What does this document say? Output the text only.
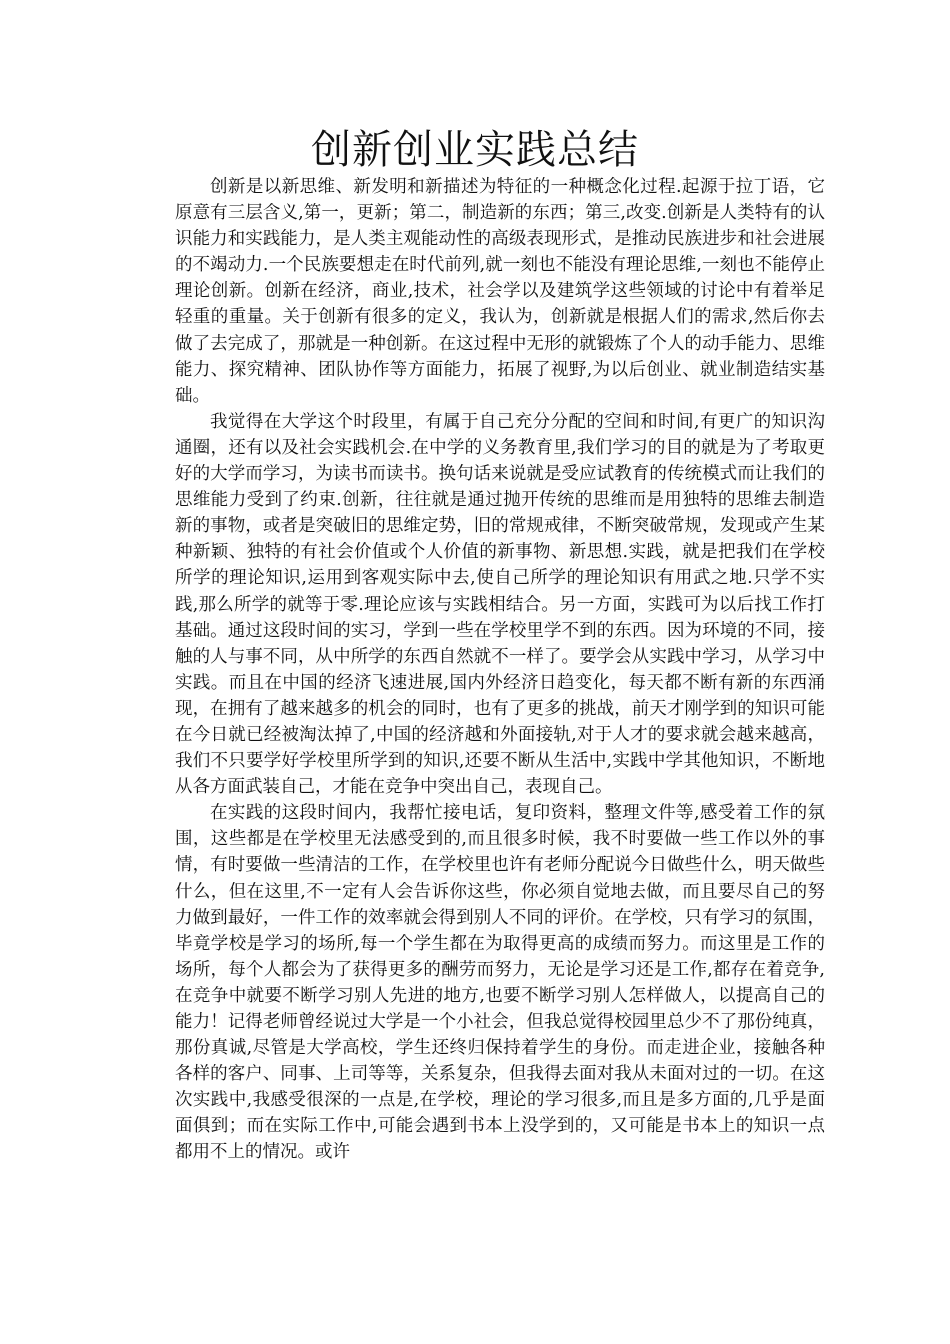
创新创业实践总结

创新是以新思维、新发明和新描述为特征的一种概念化过程.起源于拉丁语，它原意有三层含义,第一，更新；第二，制造新的东西；第三,改变.创新是人类特有的认识能力和实践能力，是人类主观能动性的高级表现形式，是推动民族进步和社会进展的不竭动力.一个民族要想走在时代前列,就一刻也不能没有理论思维,一刻也不能停止理论创新。创新在经济，商业,技术，社会学以及建筑学这些领域的讨论中有着举足轻重的重量。关于创新有很多的定义，我认为，创新就是根据人们的需求,然后你去做了去完成了，那就是一种创新。在这过程中无形的就锻炼了个人的动手能力、思维能力、探究精神、团队协作等方面能力，拓展了视野,为以后创业、就业制造结实基础。

我觉得在大学这个时段里，有属于自己充分分配的空间和时间,有更广的知识沟通圈，还有以及社会实践机会.在中学的义务教育里,我们学习的目的就是为了考取更好的大学而学习，为读书而读书。换句话来说就是受应试教育的传统模式而让我们的思维能力受到了约束.创新，往往就是通过抛开传统的思维而是用独特的思维去制造新的事物，或者是突破旧的思维定势，旧的常规戒律，不断突破常规，发现或产生某种新颖、独特的有社会价值或个人价值的新事物、新思想.实践，就是把我们在学校所学的理论知识,运用到客观实际中去,使自己所学的理论知识有用武之地.只学不实践,那么所学的就等于零.理论应该与实践相结合。另一方面，实践可为以后找工作打基础。通过这段时间的实习，学到一些在学校里学不到的东西。因为环境的不同，接触的人与事不同，从中所学的东西自然就不一样了。要学会从实践中学习，从学习中实践。而且在中国的经济飞速进展,国内外经济日趋变化，每天都不断有新的东西涌现，在拥有了越来越多的机会的同时，也有了更多的挑战，前天才刚学到的知识可能在今日就已经被淘汰掉了,中国的经济越和外面接轨,对于人才的要求就会越来越高，我们不只要学好学校里所学到的知识,还要不断从生活中,实践中学其他知识，不断地从各方面武装自己，才能在竞争中突出自己，表现自己。

在实践的这段时间内，我帮忙接电话，复印资料，整理文件等,感受着工作的氛围，这些都是在学校里无法感受到的,而且很多时候，我不时要做一些工作以外的事情，有时要做一些清洁的工作，在学校里也许有老师分配说今日做些什么，明天做些什么，但在这里,不一定有人会告诉你这些，你必须自觉地去做，而且要尽自己的努力做到最好，一件工作的效率就会得到别人不同的评价。在学校，只有学习的氛围，毕竟学校是学习的场所,每一个学生都在为取得更高的成绩而努力。而这里是工作的场所，每个人都会为了获得更多的酬劳而努力，无论是学习还是工作,都存在着竞争,在竞争中就要不断学习别人先进的地方,也要不断学习别人怎样做人，以提高自己的能力！记得老师曾经说过大学是一个小社会，但我总觉得校园里总少不了那份纯真，那份真诚,尽管是大学高校，学生还终归保持着学生的身份。而走进企业，接触各种各样的客户、同事、上司等等，关系复杂，但我得去面对我从未面对过的一切。在这次实践中,我感受很深的一点是,在学校，理论的学习很多,而且是多方面的,几乎是面面俱到；而在实际工作中,可能会遇到书本上没学到的，又可能是书本上的知识一点都用不上的情况。或许
